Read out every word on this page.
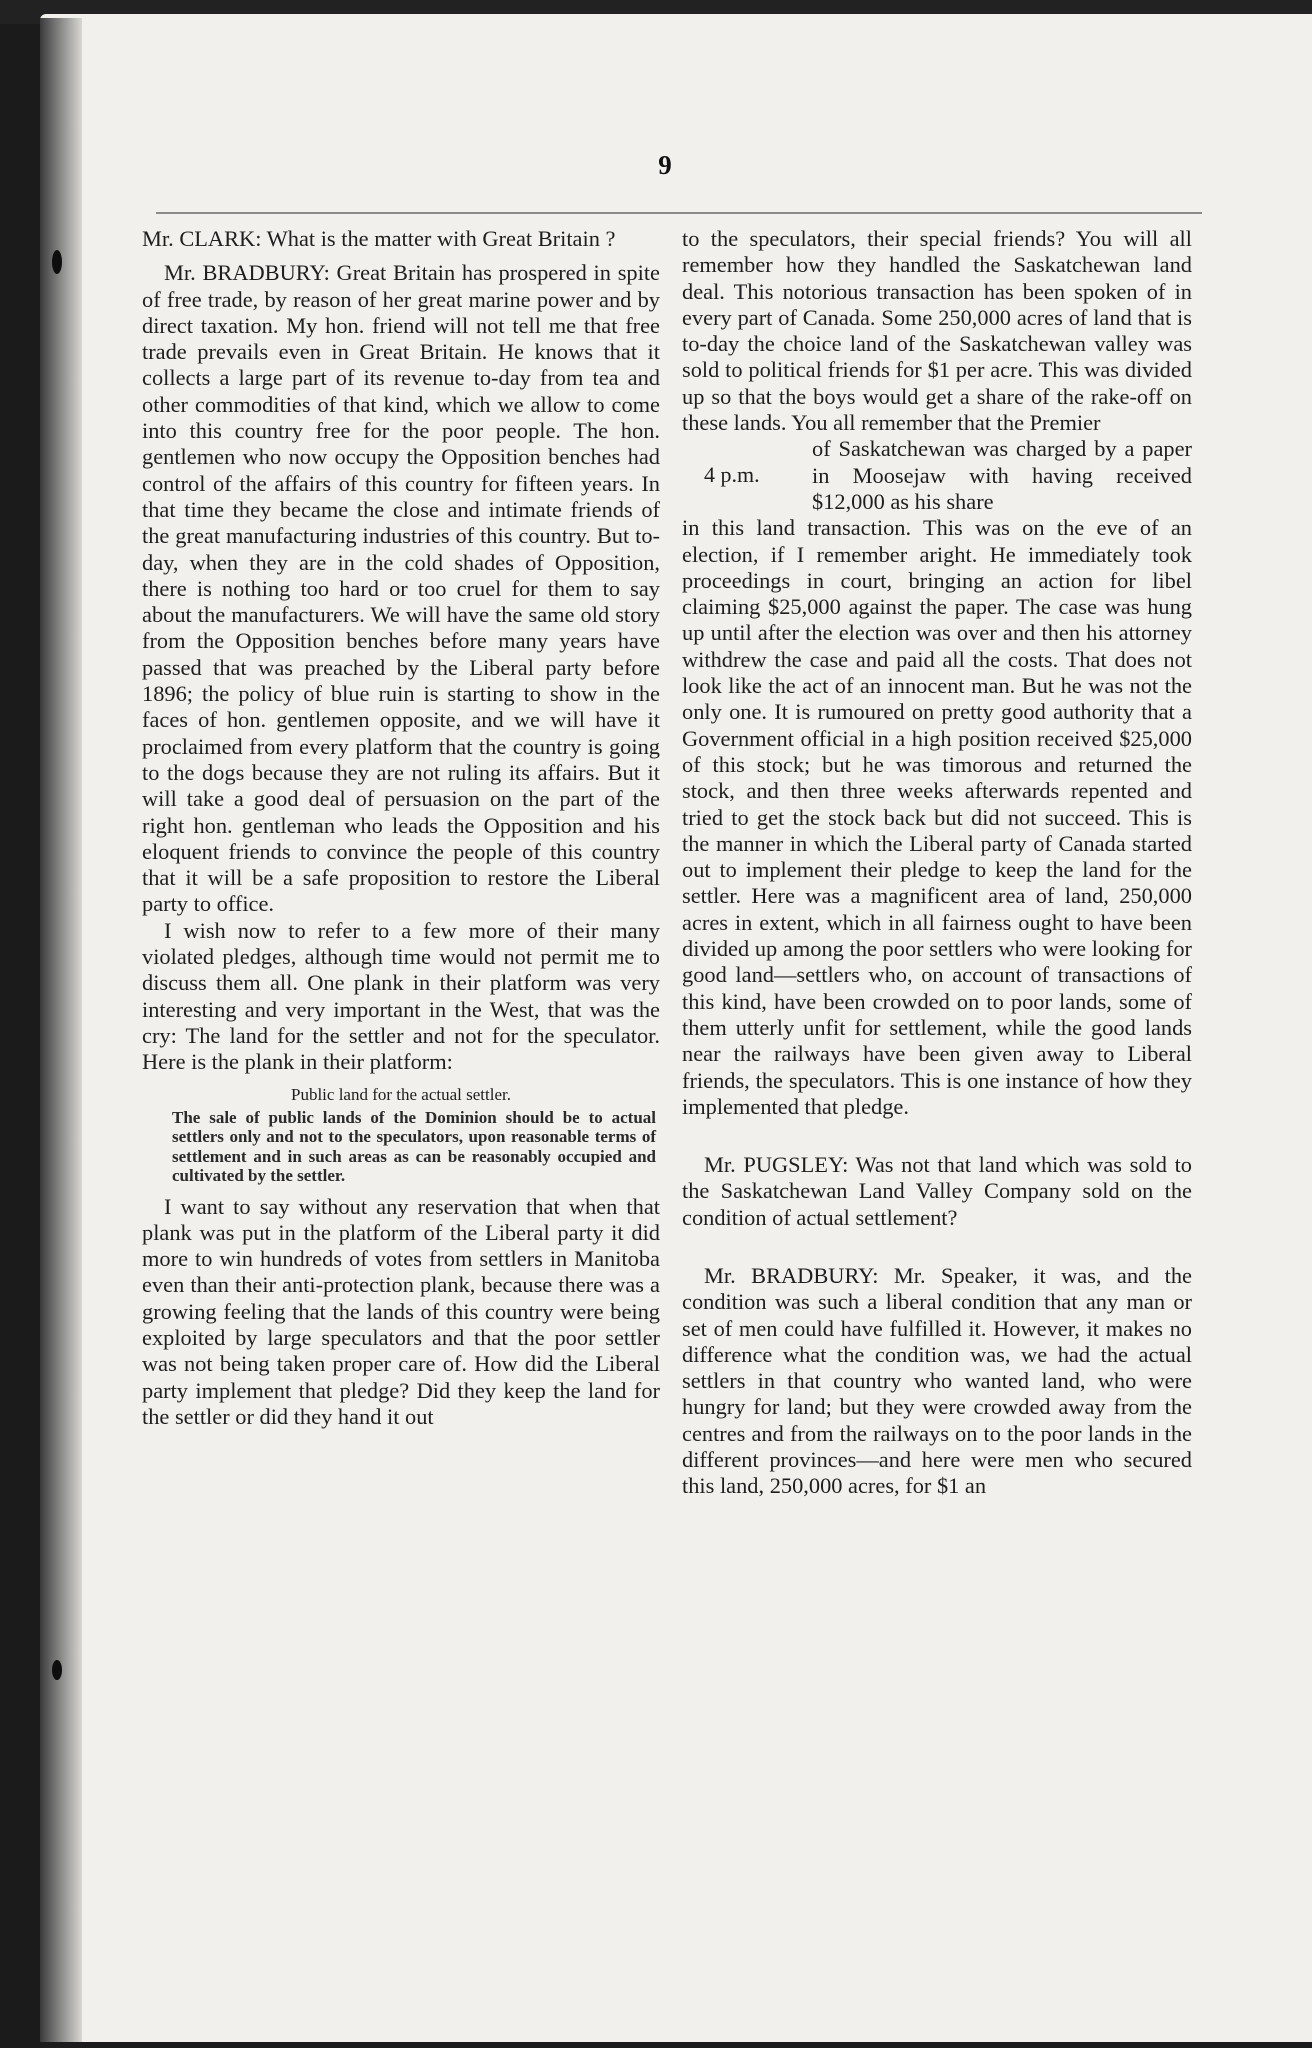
9

Mr. CLARK: What is the matter with Great Britain ?

Mr. BRADBURY: Great Britain has prospered in spite of free trade, by reason of her great marine power and by direct taxation. My hon. friend will not tell me that free trade prevails even in Great Britain. He knows that it collects a large part of its revenue to-day from tea and other commodities of that kind, which we allow to come into this country free for the poor people. The hon. gentlemen who now occupy the Opposition benches had control of the affairs of this country for fifteen years. In that time they became the close and intimate friends of the great manufacturing industries of this country. But to-day, when they are in the cold shades of Opposition, there is nothing too hard or too cruel for them to say about the manufacturers. We will have the same old story from the Opposition benches before many years have passed that was preached by the Liberal party before 1896; the policy of blue ruin is starting to show in the faces of hon. gentlemen opposite, and we will have it proclaimed from every platform that the country is going to the dogs because they are not ruling its affairs. But it will take a good deal of persuasion on the part of the right hon. gentleman who leads the Opposition and his eloquent friends to convince the people of this country that it will be a safe proposition to restore the Liberal party to office.

I wish now to refer to a few more of their many violated pledges, although time would not permit me to discuss them all. One plank in their platform was very interesting and very important in the West, that was the cry: The land for the settler and not for the speculator. Here is the plank in their platform:

Public land for the actual settler.

The sale of public lands of the Dominion should be to actual settlers only and not to the speculators, upon reasonable terms of settlement and in such areas as can be reasonably occupied and cultivated by the settler.

I want to say without any reservation that when that plank was put in the platform of the Liberal party it did more to win hundreds of votes from settlers in Manitoba even than their anti-protection plank, because there was a growing feeling that the lands of this country were being exploited by large speculators and that the poor settler was not being taken proper care of. How did the Liberal party implement that pledge? Did they keep the land for the settler or did they hand it out

to the speculators, their special friends? You will all remember how they handled the Saskatchewan land deal. This notorious transaction has been spoken of in every part of Canada. Some 250,000 acres of land that is to-day the choice land of the Saskatchewan valley was sold to political friends for $1 per acre. This was divided up so that the boys would get a share of the rake-off on these lands. You all remember that the Premier

4 p.m.

of Saskatchewan was charged by a paper in Moosejaw with having received $12,000 as his share

in this land transaction. This was on the eve of an election, if I remember aright. He immediately took proceedings in court, bringing an action for libel claiming $25,000 against the paper. The case was hung up until after the election was over and then his attorney withdrew the case and paid all the costs. That does not look like the act of an innocent man. But he was not the only one. It is rumoured on pretty good authority that a Government official in a high position received $25,000 of this stock; but he was timorous and returned the stock, and then three weeks afterwards repented and tried to get the stock back but did not succeed. This is the manner in which the Liberal party of Canada started out to implement their pledge to keep the land for the settler. Here was a magnificent area of land, 250,000 acres in extent, which in all fairness ought to have been divided up among the poor settlers who were looking for good land—settlers who, on account of transactions of this kind, have been crowded on to poor lands, some of them utterly unfit for settlement, while the good lands near the railways have been given away to Liberal friends, the speculators. This is one instance of how they implemented that pledge.

Mr. PUGSLEY: Was not that land which was sold to the Saskatchewan Land Valley Company sold on the condition of actual settlement?

Mr. BRADBURY: Mr. Speaker, it was, and the condition was such a liberal condition that any man or set of men could have fulfilled it. However, it makes no difference what the condition was, we had the actual settlers in that country who wanted land, who were hungry for land; but they were crowded away from the centres and from the railways on to the poor lands in the different provinces—and here were men who secured this land, 250,000 acres, for $1 an
